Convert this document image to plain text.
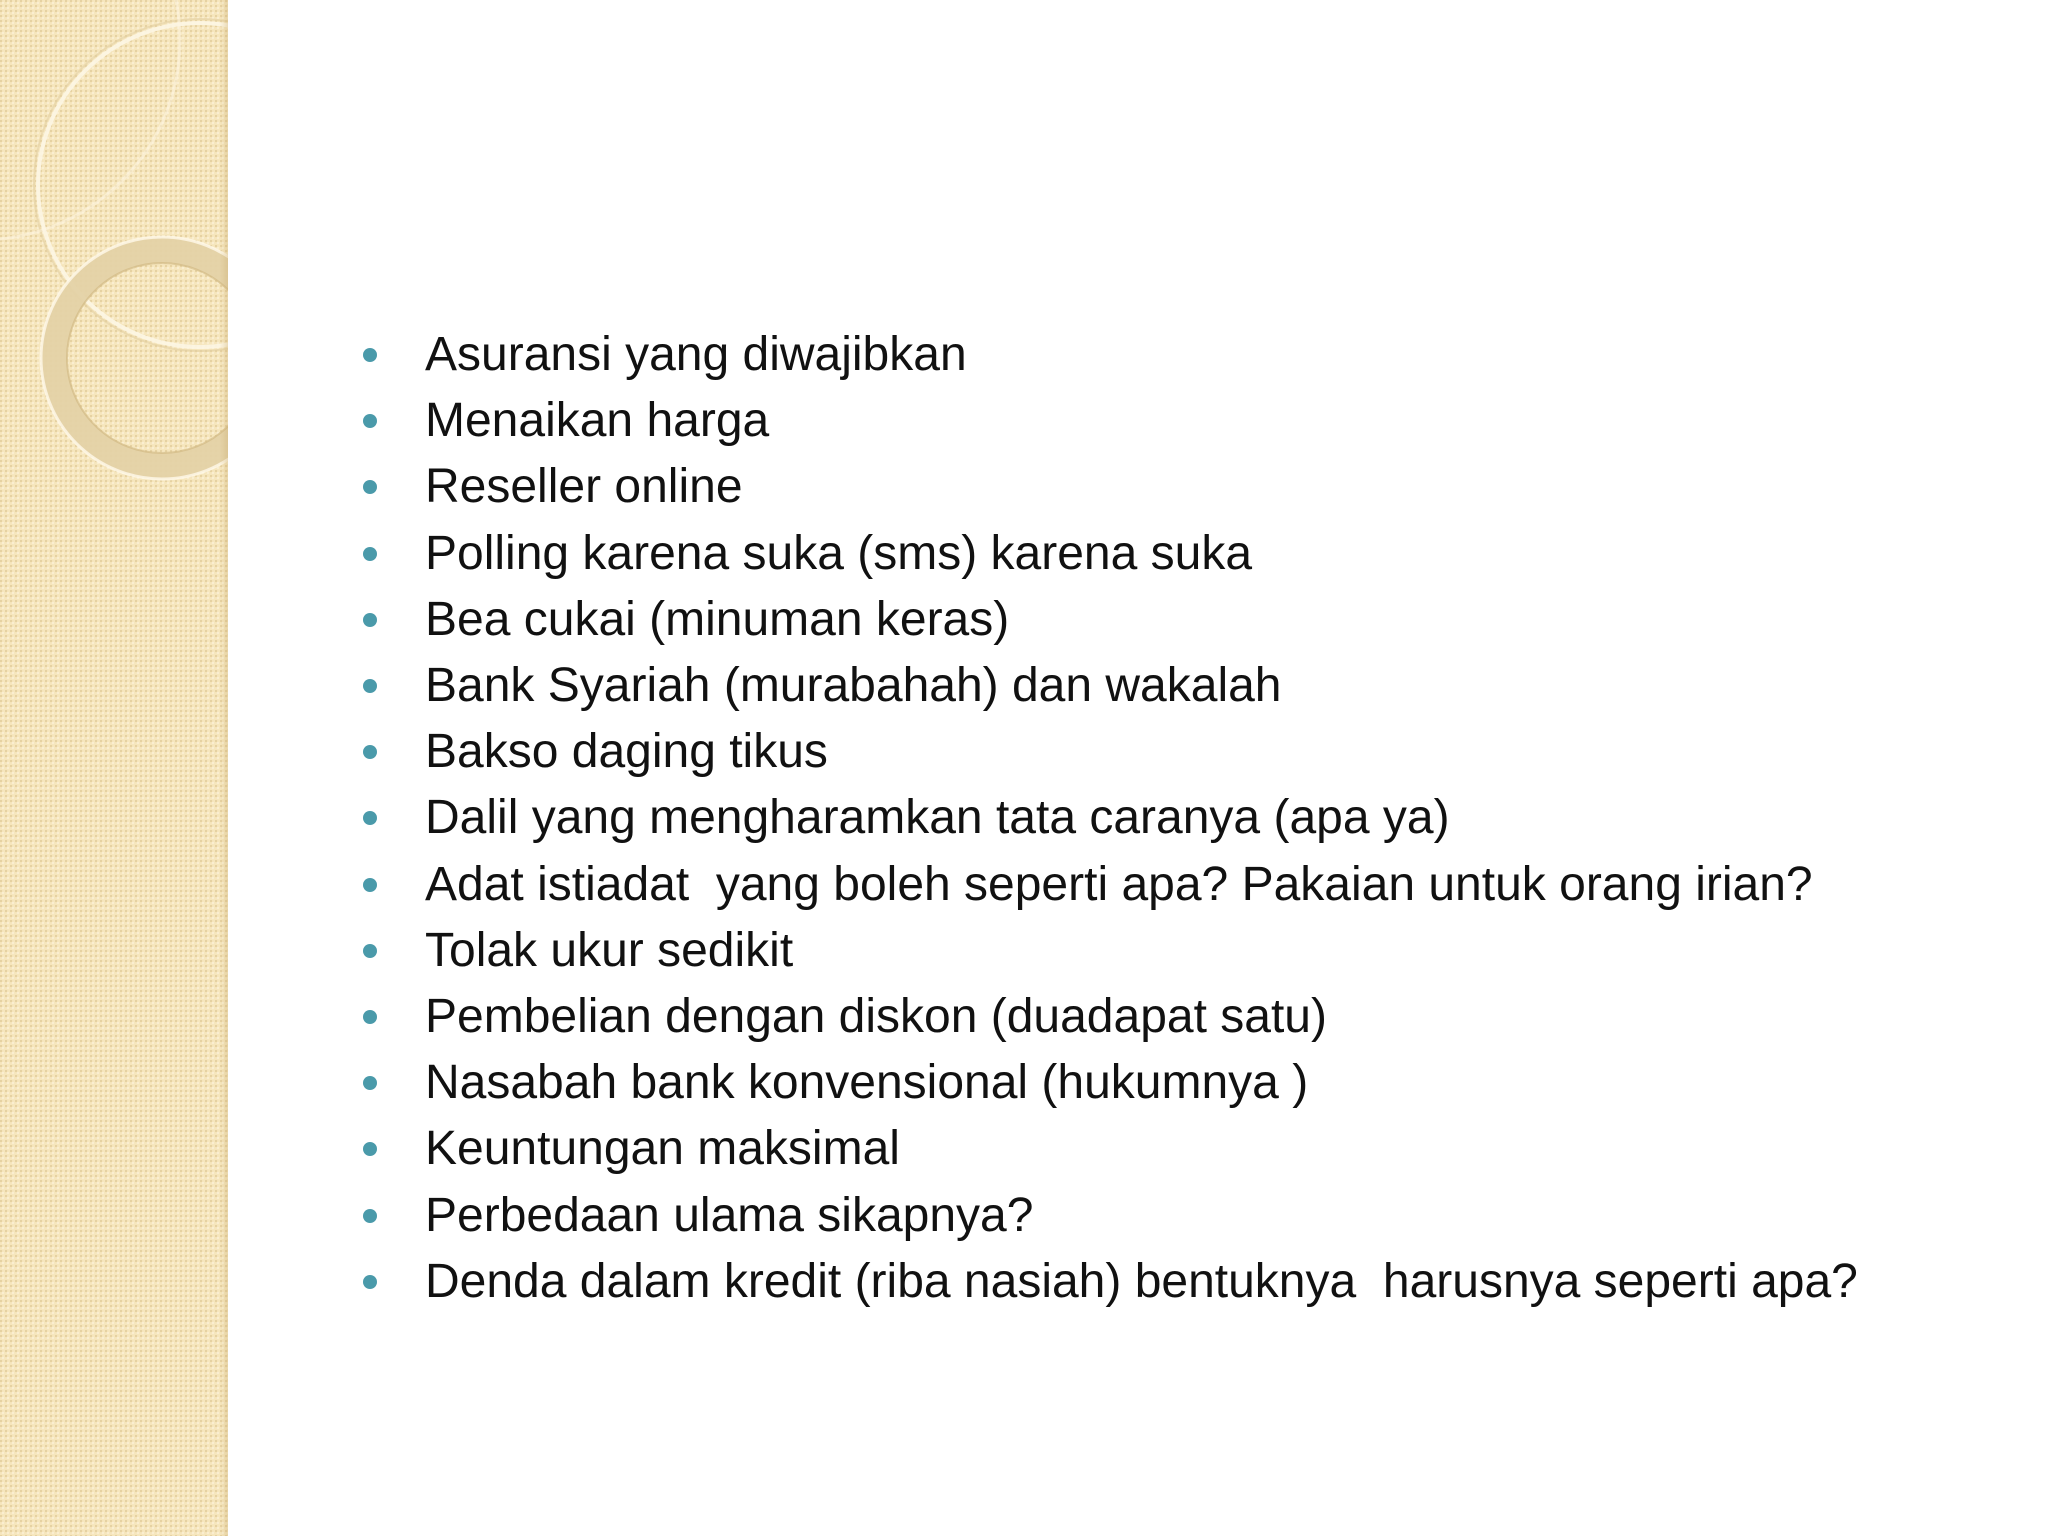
Asuransi yang diwajibkan
Menaikan harga
Reseller online
Polling karena suka (sms) karena suka
Bea cukai (minuman keras)
Bank Syariah (murabahah) dan wakalah
Bakso daging tikus
Dalil yang mengharamkan tata caranya (apa ya)
Adat istiadat  yang boleh seperti apa? Pakaian untuk orang irian?
Tolak ukur sedikit
Pembelian dengan diskon (duadapat satu)
Nasabah bank konvensional (hukumnya )
Keuntungan maksimal
Perbedaan ulama sikapnya?
Denda dalam kredit (riba nasiah) bentuknya  harusnya seperti apa?
